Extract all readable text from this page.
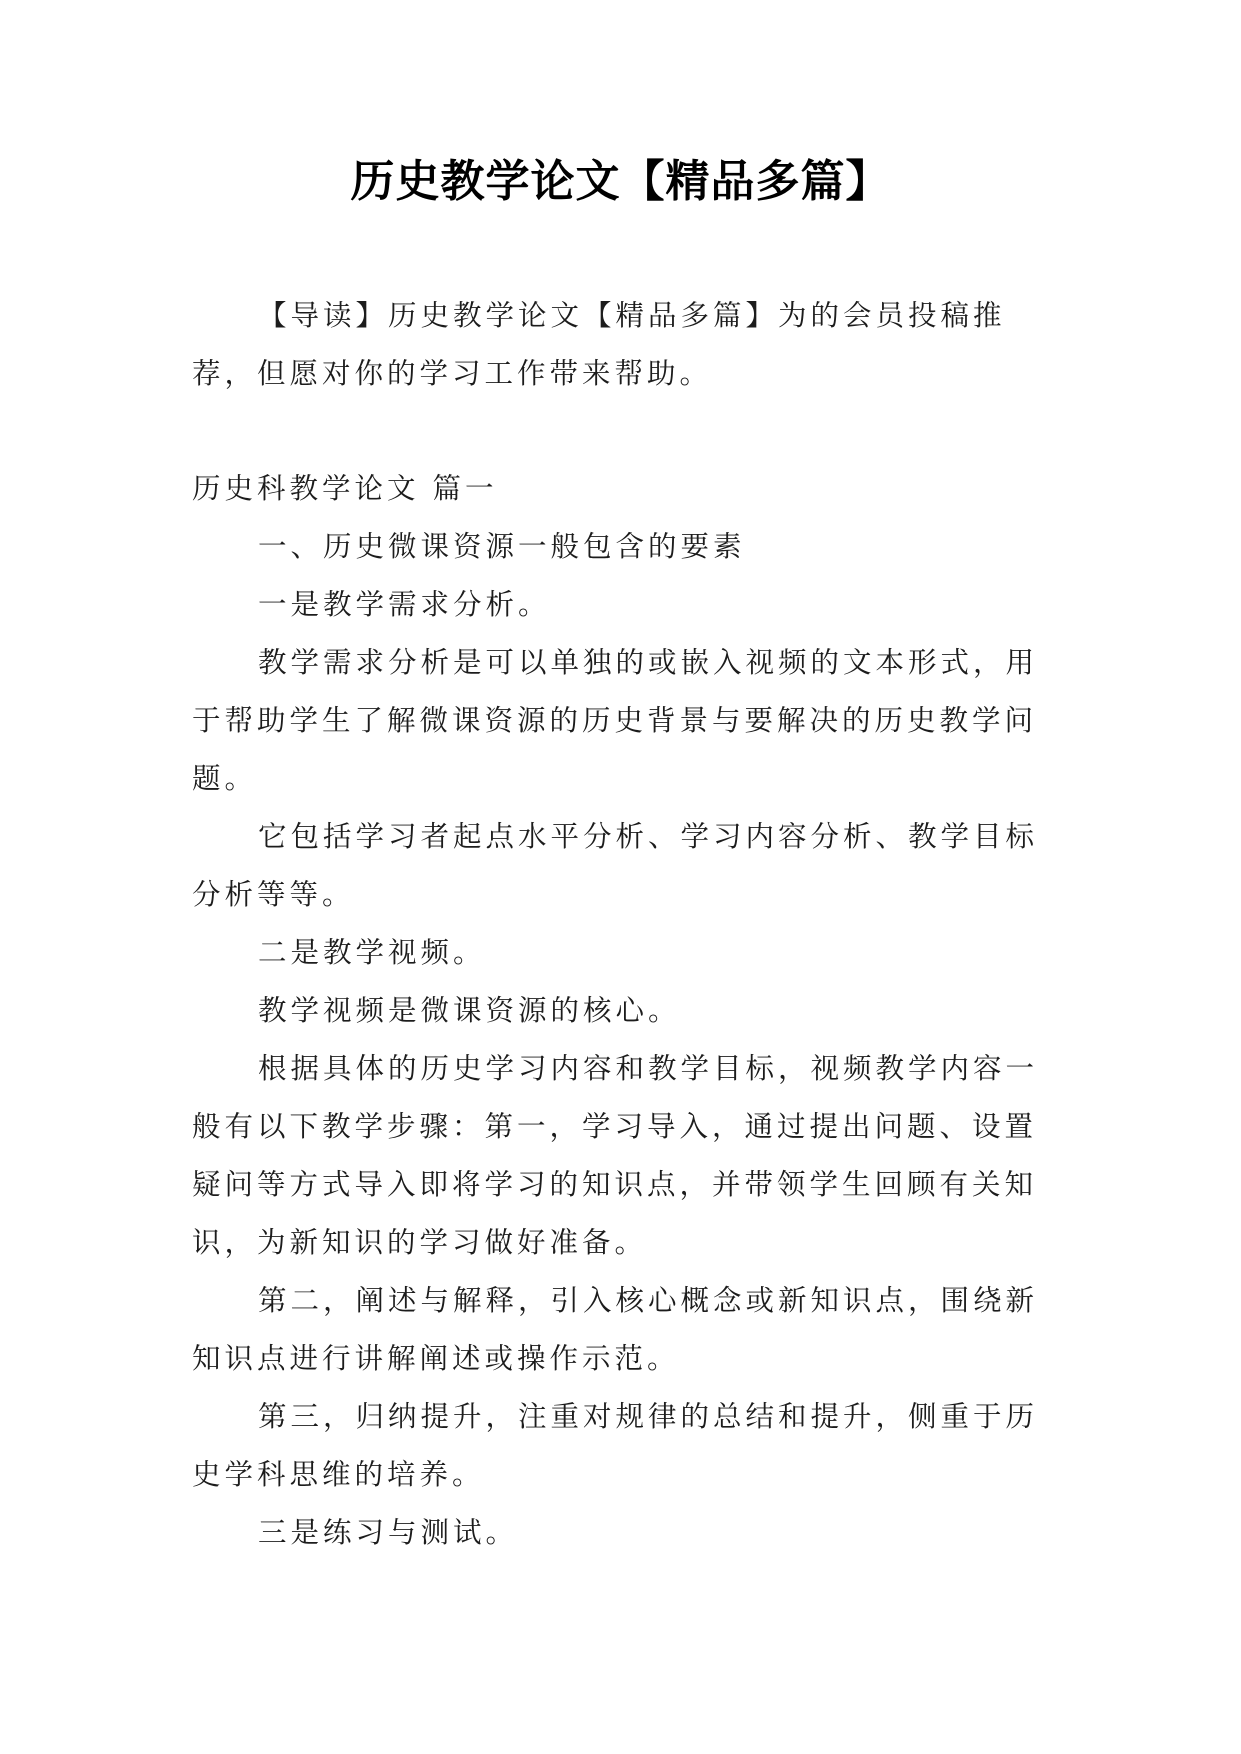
历史教学论文【精品多篇】

【导读】历史教学论文【精品多篇】为的会员投稿推荐，但愿对你的学习工作带来帮助。

历史科教学论文 篇一

一、历史微课资源一般包含的要素

一是教学需求分析。

教学需求分析是可以单独的或嵌入视频的文本形式，用于帮助学生了解微课资源的历史背景与要解决的历史教学问题。

它包括学习者起点水平分析、学习内容分析、教学目标分析等等。

二是教学视频。

教学视频是微课资源的核心。

根据具体的历史学习内容和教学目标，视频教学内容一般有以下教学步骤：第一，学习导入，通过提出问题、设置疑问等方式导入即将学习的知识点，并带领学生回顾有关知识，为新知识的学习做好准备。

第二，阐述与解释，引入核心概念或新知识点，围绕新知识点进行讲解阐述或操作示范。

第三，归纳提升，注重对规律的总结和提升，侧重于历史学科思维的培养。

三是练习与测试。
